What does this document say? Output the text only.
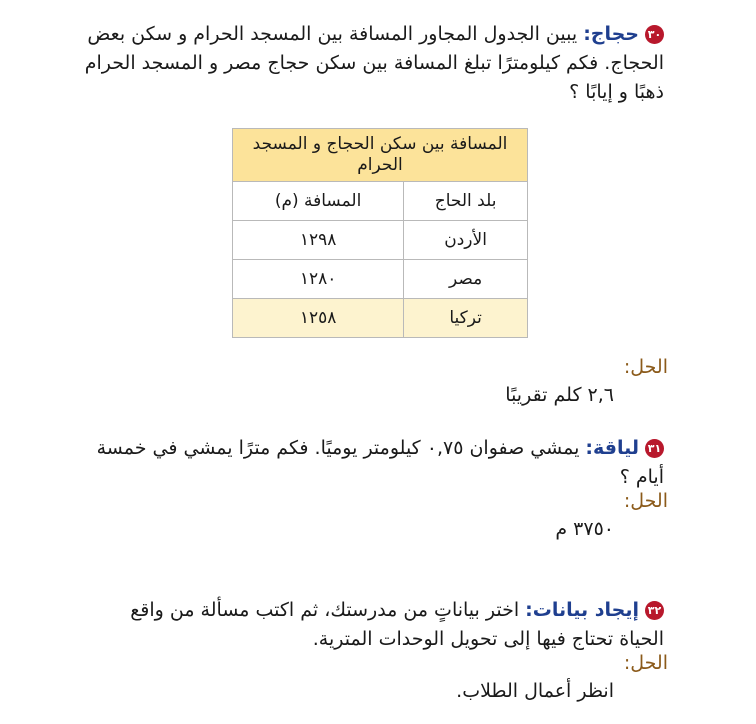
٣٠حجاج: يبين الجدول المجاور المسافة بين المسجد الحرام و سكن بعض الحجاج. فكم كيلومترًا تبلغ المسافة بين سكن حجاج مصر و المسجد الحرام ذهبًا و إيابًا ؟
المسافة بين سكن الحجاج و المسجد الحرام	
بلد الحاج	المسافة (م)
الأردن	١٢٩٨
مصر	١٢٨٠
تركيا	١٢٥٨
الحل:
٢,٦ كلم تقريبًا
٣١لياقة: يمشي صفوان ٠,٧٥ كيلومتر يوميًا. فكم مترًا يمشي في خمسة أيام ؟
الحل:
٣٧٥٠ م
٣٢إيجاد بيانات: اختر بياناتٍ من مدرستك، ثم اكتب مسألة من واقع الحياة تحتاج فيها إلى تحويل الوحدات المترية.
الحل:
انظر أعمال الطلاب.
